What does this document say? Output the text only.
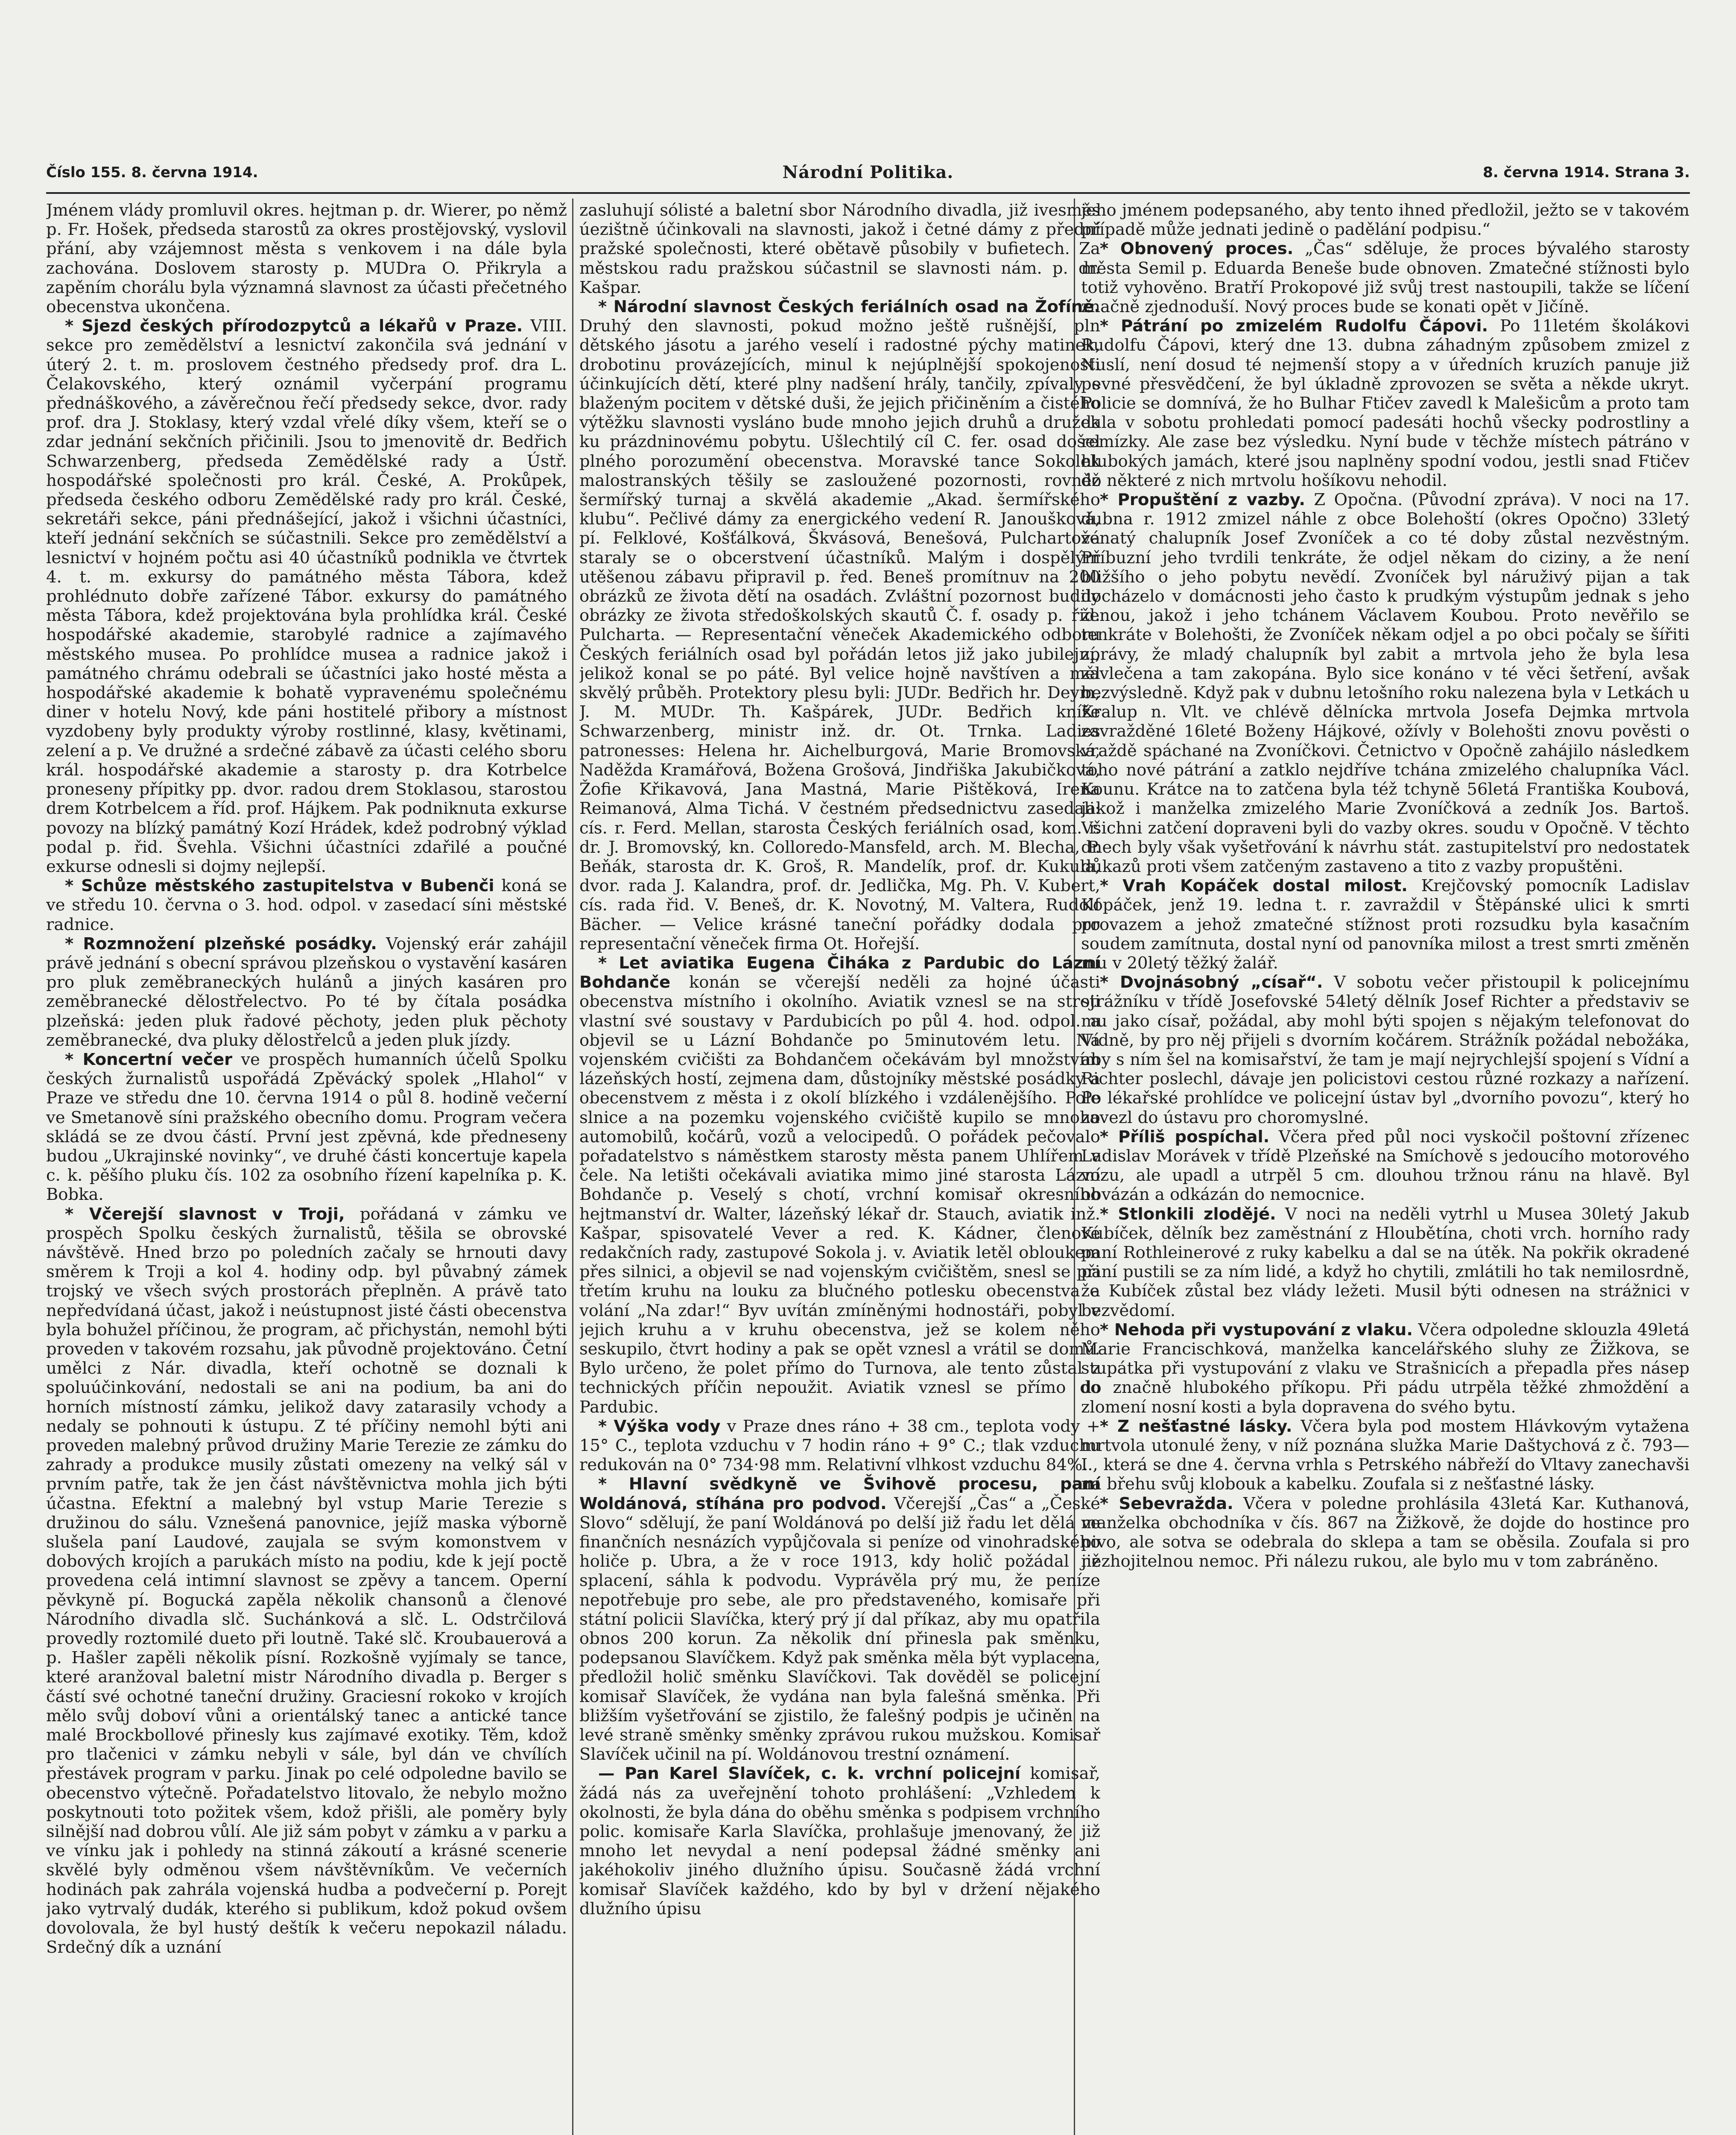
Číslo 155. 8. června 1914.	Národní Politika.	8. června 1914. Strana 3.

Jménem vlády promluvil okres. hejtman p. dr. Wierer, po němž p. Fr. Hošek, předseda starostů za okres prostějovský, vyslovil přání, aby vzájemnost města s venkovem i na dále byla zachována. Doslovem starosty p. MUDra O. Přikryla a zapěním chorálu byla významná slavnost za účasti přečetného obecenstva ukončena.

* Sjezd českých přírodozpytců a lékařů v Praze. VIII. sekce pro zemědělství a lesnictví zakončila svá jednání v úterý 2. t. m. proslovem čestného předsedy prof. dra L. Čelakovského, který oznámil vyčerpání programu přednáškového, a závěrečnou řečí předsedy sekce, dvor. rady prof. dra J. Stoklasy, který vzdal vřelé díky všem, kteří se o zdar jednání sekčních přičinili. Jsou to jmenovitě dr. Bedřich Schwarzenberg, předseda Zemědělské rady a Ústř. hospodářské společnosti pro král. České, A. Prokůpek, předseda českého odboru Zemědělské rady pro král. České, sekretáři sekce, páni přednášející, jakož i všichni účastníci, kteří jednání sekčních se súčastnili. Sekce pro zemědělství a lesnictví v hojném počtu asi 40 účastníků podnikla ve čtvrtek 4. t. m. exkursy do památného města Tábora, kdež prohlédnuto dobře zařízené Tábor. exkursy do památného města Tábora, kdež projektována byla prohlídka král. České hospodářské akademie, starobylé radnice a zajímavého městského musea. Po prohlídce musea a radnice jakož i památného chrámu odebrali se účastníci jako hosté města a hospodářské akademie k bohatě vypravenému společnému diner v hotelu Nový, kde páni hostitelé přibory a místnost vyzdobeny byly produkty výroby rostlinné, klasy, květinami, zelení a p. Ve družné a srdečné zábavě za účasti celého sboru král. hospodářské akademie a starosty p. dra Kotrbelce proneseny přípitky pp. dvor. radou drem Stoklasou, starostou drem Kotrbelcem a říd. prof. Hájkem. Pak podniknuta exkurse povozy na blízký památný Kozí Hrádek, kdež podrobný výklad podal p. řid. Švehla. Všichni účastníci zdařilé a poučné exkurse odnesli si dojmy nejlepší.

* Schůze městského zastupitelstva v Bubenči koná se ve středu 10. června o 3. hod. odpol. v zasedací síni městské radnice.

* Rozmnožení plzeňské posádky. Vojenský erár zahájil právě jednání s obecní správou plzeňskou o vystavění kasáren pro pluk zeměbraneckých hulánů a jiných kasáren pro zeměbranecké dělostřelectvo. Po té by čítala posádka plzeňská: jeden pluk řadové pěchoty, jeden pluk pěchoty zeměbranecké, dva pluky dělostřelců a jeden pluk jízdy.

* Koncertní večer ve prospěch humanních účelů Spolku českých žurnalistů uspořádá Zpěvácký spolek „Hlahol“ v Praze ve středu dne 10. června 1914 o půl 8. hodině večerní ve Smetanově síni pražského obecního domu. Program večera skládá se ze dvou částí. První jest zpěvná, kde předneseny budou „Ukrajinské novinky“, ve druhé části koncertuje kapela c. k. pěšího pluku čís. 102 za osobního řízení kapelníka p. K. Bobka.

* Včerejší slavnost v Troji, pořádaná v zámku ve prospěch Spolku českých žurnalistů, těšila se obrovské návštěvě. Hned brzo po poledních začaly se hrnouti davy směrem k Troji a kol 4. hodiny odp. byl půvabný zámek trojský ve všech svých prostorách přeplněn. A právě tato nepředvídaná účast, jakož i neústupnost jisté části obecenstva byla bohužel příčinou, že program, ač přichystán, nemohl býti proveden v takovém rozsahu, jak původně projektováno. Četní umělci z Nár. divadla, kteří ochotně se doznali k spoluúčinkování, nedostali se ani na podium, ba ani do horních místností zámku, jelikož davy zatarasily vchody a nedaly se pohnouti k ústupu. Z té příčiny nemohl býti ani proveden malebný průvod družiny Marie Terezie ze zámku do zahrady a produkce musily zůstati omezeny na velký sál v prvním patře, tak že jen část návštěvnictva mohla jich býti účastna. Efektní a malebný byl vstup Marie Terezie s družinou do sálu. Vznešená panovnice, jejíž maska výborně slušela paní Laudové, zaujala se svým komonstvem v dobových krojích a parukách místo na podiu, kde k její poctě provedena celá intimní slavnost se zpěvy a tancem. Operní pěvkyně pí. Bogucká zapěla několik chansonů a členové Národního divadla slč. Suchánková a slč. L. Odstrčilová provedly roztomilé dueto při loutně. Také slč. Kroubauerová a p. Hašler zapěli několik písní. Rozkošně vyjímaly se tance, které aranžoval baletní mistr Národního divadla p. Berger s částí své ochotné taneční družiny. Graciesní rokoko v krojích mělo svůj doboví vůni a orientálský tanec a antické tance malé Brockbollové přinesly kus zajímavé exotiky. Těm, kdož pro tlačenici v zámku nebyli v sále, byl dán ve chvílích přestávek program v parku. Jinak po celé odpoledne bavilo se obecenstvo výtečně. Pořadatelstvo litovalo, že nebylo možno poskytnouti toto požitek všem, kdož přišli, ale poměry byly silnější nad dobrou vůlí. Ale již sám pobyt v zámku a v parku a ve vínku jak i pohledy na stinná zákoutí a krásné scenerie skvělé byly odměnou všem návštěvníkům. Ve večerních hodinách pak zahrála vojenská hudba a podvečerní p. Porejt jako vytrvalý dudák, kterého si publikum, kdož pokud ovšem dovolovala, že byl hustý deštík k večeru nepokazil náladu. Srdečný dík a uznání

zasluhují sólisté a baletní sbor Národního divadla, již ivesměs úezištně účinkovali na slavnosti, jakož i četné dámy z přední pražské společnosti, které obětavě působily v bufietech. Za městskou radu pražskou súčastnil se slavnosti nám. p. dr. Kašpar.

* Národní slavnost Českých feriálních osad na Žofíně. Druhý den slavnosti, pokud možno ještě rušnější, pln dětského jásotu a jarého veselí i radostné pýchy matinek, drobotinu provázejících, minul k nejúplnější spokojenosti účinkujících dětí, které plny nadšení hrály, tančily, zpívaly s blaženým pocitem v dětské duši, že jejich přičiněním a čistého výtěžku slavnosti vysláno bude mnoho jejich druhů a družek ku prázdninovému pobytu. Ušlechtilý cíl C. fer. osad došel plného porozumění obecenstva. Moravské tance Sokolek malostranských těšily se zasloužené pozornosti, rovněž šermířský turnaj a skvělá akademie „Akad. šermířského klubu“. Pečlivé dámy za energického vedení R. Janoušková, pí. Felklové, Košťálková, Škvásová, Benešová, Pulchartová staraly se o obcerstvení účastníků. Malým i dospělým utěšenou zábavu připravil p. řed. Beneš promítnuv na 200 obrázků ze života dětí na osadách. Zvláštní pozornost budily obrázky ze života středoškolských skautů Č. f. osady p. řid. Pulcharta. — Representační věneček Akademického odboru Českých feriálních osad byl pořádán letos již jako jubilejní, jelikož konal se po páté. Byl velice hojně navštíven a měl skvělý průběh. Protektory plesu byli: JUDr. Bedřich hr. Deym, J. M. MUDr. Th. Kašpárek, JUDr. Bedřich kníže Schwarzenberg, ministr inž. dr. Ot. Trnka. Ladies patronesses: Helena hr. Aichelburgová, Marie Bromovská, Naděžda Kramářová, Božena Grošová, Jindřiška Jakubičková, Žofie Křikavová, Jana Mastná, Marie Pištěková, Irena Reimanová, Alma Tichá. V čestném předsednictvu zasedali: cís. r. Ferd. Mellan, starosta Českých feriálních osad, kom. r. dr. J. Bromovský, kn. Colloredo-Mansfeld, arch. M. Blecha, P. Beňák, starosta dr. K. Groš, R. Mandelík, prof. dr. Kukula, dvor. rada J. Kalandra, prof. dr. Jedlička, Mg. Ph. V. Kubert, cís. rada řid. V. Beneš, dr. K. Novotný, M. Valtera, Rudolf Bächer. — Velice krásné taneční pořádky dodala pro representační věneček firma Ot. Hořejší.

* Let aviatika Eugena Čiháka z Pardubic do Lázní Bohdanče konán se včerejší neděli za hojné účasti obecenstva místního i okolního. Aviatik vznesl se na stroji vlastní své soustavy v Pardubicích po půl 4. hod. odpol. a objevil se u Lázní Bohdanče po 5minutovém letu. Na vojenském cvičišti za Bohdančem očekávám byl množstvím lázeňských hostí, zejmena dam, důstojníky městské posádky a obecenstvem z města i z okolí blízkého i vzdálenějšího. Pole slnice a na pozemku vojenského cvičiště kupilo se mnoho automobilů, kočárů, vozů a velocipedů. O pořádek pečovalo pořadatelstvo s náměstkem starosty města panem Uhlířem v čele. Na letišti očekávali aviatika mimo jiné starosta Lázní Bohdanče p. Veselý s chotí, vrchní komisař okresního hejtmanství dr. Walter, lázeňský lékař dr. Stauch, aviatik inž. Kašpar, spisovatelé Vever a red. K. Kádner, členové redakčních rady, zastupové Sokola j. v. Aviatik letěl obloukem přes silnici, a objevil se nad vojenským cvičištěm, snesl se při třetím kruhu na louku za blučného potlesku obecenstva a volání „Na zdar!“ Byv uvítán zmíněnými hodnostáři, pobyl v jejich kruhu a v kruhu obecenstva, jež se kolem něho seskupilo, čtvrt hodiny a pak se opět vznesl a vrátil se domů. Bylo určeno, že polet přímo do Turnova, ale tento zůstal z technických příčin nepoužit. Aviatik vznesl se přímo do Pardubic.

* Výška vody v Praze dnes ráno + 38 cm., teplota vody + 15° C., teplota vzduchu v 7 hodin ráno + 9° C.; tlak vzduchu redukován na 0° 734·98 mm. Relativní vlhkost vzduchu 84%.

* Hlavní svědkyně ve Švihově procesu, paní Woldánová, stíhána pro podvod. Včerejší „Čas“ a „České Slovo“ sdělují, že paní Woldánová po delší již řadu let dělá ve finančních nesnázích vypůjčovala si peníze od vinohradského holiče p. Ubra, a že v roce 1913, kdy holič požádal již splacení, sáhla k podvodu. Vyprávěla prý mu, že peníze nepotřebuje pro sebe, ale pro představeného, komisaře při státní policii Slavíčka, který prý jí dal příkaz, aby mu opatřila obnos 200 korun. Za několik dní přinesla pak směnku, podepsanou Slavíčkem. Když pak směnka měla být vyplacena, předložil holič směnku Slavíčkovi. Tak dověděl se policejní komisař Slavíček, že vydána nan byla falešná směnka. Při bližším vyšetřování se zjistilo, že falešný podpis je učiněn na levé straně směnky směnky zprávou rukou mužskou. Komisař Slavíček učinil na pí. Woldánovou trestní oznámení.

— Pan Karel Slavíček, c. k. vrchní policejní komisař, žádá nás za uveřejnění tohoto prohlášení: „Vzhledem k okolnosti, že byla dána do oběhu směnka s podpisem vrchního polic. komisaře Karla Slavíčka, prohlašuje jmenovaný, že již mnoho let nevydal a není podepsal žádné směnky ani jakéhokoliv jiného dlužního úpisu. Současně žádá vrchní komisař Slavíček každého, kdo by byl v držení nějakého dlužního úpisu

jeho jménem podepsaného, aby tento ihned předložil, ježto se v takovém případě může jednati jedině o padělání podpisu.“

* Obnovený proces. „Čas“ sděluje, že proces bývalého starosty města Semil p. Eduarda Beneše bude obnoven. Zmatečné stížnosti bylo totiž vyhověno. Bratří Prokopové již svůj trest nastoupili, takže se líčení značně zjednoduší. Nový proces bude se konati opět v Jičíně.

* Pátrání po zmizelém Rudolfu Čápovi. Po 11letém školákovi Rudolfu Čápovi, který dne 13. dubna záhadným způsobem zmizel z Nuslí, není dosud té nejmenší stopy a v úředních kruzích panuje již pevné přesvědčení, že byl úkladně zprovozen se světa a někde ukryt. Policie se domnívá, že ho Bulhar Ftičev zavedl k Malešicům a proto tam dala v sobotu prohledati pomocí padesáti hochů všecky podrostliny a remízky. Ale zase bez výsledku. Nyní bude v těchže místech pátráno v hlubokých jamách, které jsou naplněny spodní vodou, jestli snad Ftičev do některé z nich mrtvolu hošíkovu nehodil.

* Propuštění z vazby. Z Opočna. (Původní zpráva). V noci na 17. dubna r. 1912 zmizel náhle z obce Bolehoští (okres Opočno) 33letý ženatý chalupník Josef Zvoníček a co té doby zůstal nezvěstným. Příbuzní jeho tvrdili tenkráte, že odjel někam do ciziny, a že není bližšího o jeho pobytu nevědí. Zvoníček byl náruživý pijan a tak docházelo v domácnosti jeho často k prudkým výstupům jednak s jeho ženou, jakož i jeho tchánem Václavem Koubou. Proto nevěřilo se tenkráte v Bolehošti, že Zvoníček někam odjel a po obci počaly se šířiti zprávy, že mladý chalupník byl zabit a mrtvola jeho že byla lesa zavlečena a tam zakopána. Bylo sice konáno v té věci šetření, avšak bezvýsledně. Když pak v dubnu letošního roku nalezena byla v Letkách u Kralup n. Vlt. ve chlévě dělnícka mrtvola Josefa Dejmka mrtvola zavražděné 16leté Boženy Hájkové, ožívly v Bolehošti znovu pověsti o vraždě spáchané na Zvoníčkovi. Četnictvo v Opočně zahájilo následkem toho nové pátrání a zatklo nejdříve tchána zmizelého chalupníka Václ. Kounu. Krátce na to zatčena byla též tchyně 56letá Františka Koubová, jakož i manželka zmizelého Marie Zvoníčková a zedník Jos. Bartoš. Všichni zatčení dopraveni byli do vazby okres. soudu v Opočně. V těchto dnech byly však vyšetřování k návrhu stát. zastupitelství pro nedostatek důkazů proti všem zatčeným zastaveno a tito z vazby propuštěni.

* Vrah Kopáček dostal milost. Krejčovský pomocník Ladislav Kopáček, jenž 19. ledna t. r. zavraždil v Štěpánské ulici k smrti provazem a jehož zmatečné stížnost proti rozsudku byla kasačním soudem zamítnuta, dostal nyní od panovníka milost a trest smrti změněn mu v 20letý těžký žalář.

* Dvojnásobný „císař“. V sobotu večer přistoupil k policejnímu strážníku v třídě Josefovské 54letý dělník Josef Richter a představiv se mu jako císař, požádal, aby mohl býti spojen s nějakým telefonovat do Vídně, by pro něj přijeli s dvorním kočárem. Strážník požádal nebožáka, aby s ním šel na komisařství, že tam je mají nejrychlejší spojení s Vídní a Richter poslechl, dávaje jen policistovi cestou různé rozkazy a nařízení. Po lékařské prohlídce ve policejní ústav byl „dvorního povozu“, který ho zavezl do ústavu pro choromyslné.

* Příliš pospíchal. Včera před půl noci vyskočil poštovní zřízenec Ladislav Morávek v třídě Plzeňské na Smíchově s jedoucího motorového vozu, ale upadl a utrpěl 5 cm. dlouhou tržnou ránu na hlavě. Byl obvázán a odkázán do nemocnice.

* Stlonkili zlodějé. V noci na neděli vytrhl u Musea 30letý Jakub Kubíček, dělník bez zaměstnání z Hloubětína, choti vrch. horního rady paní Rothleinerové z ruky kabelku a dal se na útěk. Na pokřik okradené paní pustili se za ním lidé, a když ho chytili, zmlátili ho tak nemilosrdně, že Kubíček zůstal bez vlády ležeti. Musil býti odnesen na strážnici v bezvědomí.

* Nehoda při vystupování z vlaku. Včera odpoledne sklouzla 49letá Marie Francischková, manželka kancelářského sluhy ze Žižkova, se stupátka při vystupování z vlaku ve Strašnicích a přepadla přes násep do značně hlubokého příkopu. Při pádu utrpěla těžké zhmoždění a zlomení nosní kosti a byla dopravena do svého bytu.

* Z nešťastné lásky. Včera byla pod mostem Hlávkovým vytažena mrtvola utonulé ženy, v níž poznána služka Marie Daštychová z č. 793—I., která se dne 4. června vrhla s Petrského nábřeží do Vltavy zanechavši na břehu svůj klobouk a kabelku. Zoufala si z nešťastné lásky.

* Sebevražda. Včera v poledne prohlásila 43letá Kar. Kuthanová, manželka obchodníka v čís. 867 na Žižkově, že dojde do hostince pro pivo, ale sotva se odebrala do sklepa a tam se oběsila. Zoufala si pro nezhojitelnou nemoc. Při nálezu rukou, ale bylo mu v tom zabráněno.
